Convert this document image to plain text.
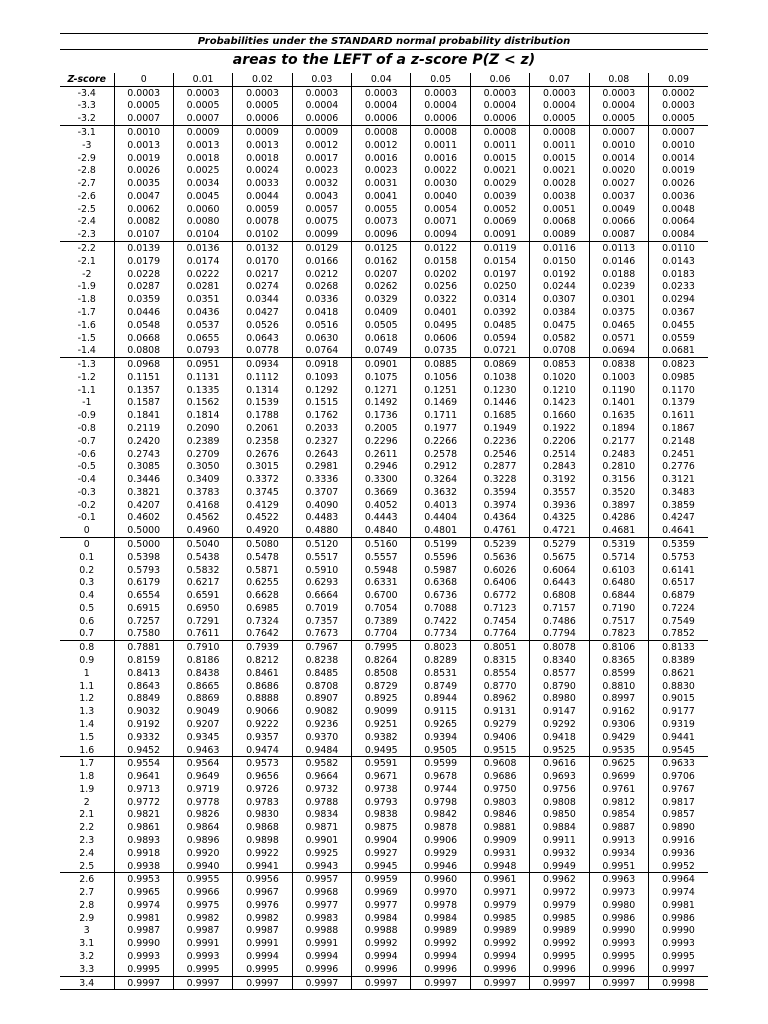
Probabilities under the STANDARD normal probability distribution
areas to the LEFT of a z-score P(Z < z)
Z-score	0	0.01	0.02	0.03	0.04	0.05	0.06	0.07	0.08	0.09
-3.4	0.0003	0.0003	0.0003	0.0003	0.0003	0.0003	0.0003	0.0003	0.0003	0.0002
-3.3	0.0005	0.0005	0.0005	0.0004	0.0004	0.0004	0.0004	0.0004	0.0004	0.0003
-3.2	0.0007	0.0007	0.0006	0.0006	0.0006	0.0006	0.0006	0.0005	0.0005	0.0005
-3.1	0.0010	0.0009	0.0009	0.0009	0.0008	0.0008	0.0008	0.0008	0.0007	0.0007
-3	0.0013	0.0013	0.0013	0.0012	0.0012	0.0011	0.0011	0.0011	0.0010	0.0010
-2.9	0.0019	0.0018	0.0018	0.0017	0.0016	0.0016	0.0015	0.0015	0.0014	0.0014
-2.8	0.0026	0.0025	0.0024	0.0023	0.0023	0.0022	0.0021	0.0021	0.0020	0.0019
-2.7	0.0035	0.0034	0.0033	0.0032	0.0031	0.0030	0.0029	0.0028	0.0027	0.0026
-2.6	0.0047	0.0045	0.0044	0.0043	0.0041	0.0040	0.0039	0.0038	0.0037	0.0036
-2.5	0.0062	0.0060	0.0059	0.0057	0.0055	0.0054	0.0052	0.0051	0.0049	0.0048
-2.4	0.0082	0.0080	0.0078	0.0075	0.0073	0.0071	0.0069	0.0068	0.0066	0.0064
-2.3	0.0107	0.0104	0.0102	0.0099	0.0096	0.0094	0.0091	0.0089	0.0087	0.0084
-2.2	0.0139	0.0136	0.0132	0.0129	0.0125	0.0122	0.0119	0.0116	0.0113	0.0110
-2.1	0.0179	0.0174	0.0170	0.0166	0.0162	0.0158	0.0154	0.0150	0.0146	0.0143
-2	0.0228	0.0222	0.0217	0.0212	0.0207	0.0202	0.0197	0.0192	0.0188	0.0183
-1.9	0.0287	0.0281	0.0274	0.0268	0.0262	0.0256	0.0250	0.0244	0.0239	0.0233
-1.8	0.0359	0.0351	0.0344	0.0336	0.0329	0.0322	0.0314	0.0307	0.0301	0.0294
-1.7	0.0446	0.0436	0.0427	0.0418	0.0409	0.0401	0.0392	0.0384	0.0375	0.0367
-1.6	0.0548	0.0537	0.0526	0.0516	0.0505	0.0495	0.0485	0.0475	0.0465	0.0455
-1.5	0.0668	0.0655	0.0643	0.0630	0.0618	0.0606	0.0594	0.0582	0.0571	0.0559
-1.4	0.0808	0.0793	0.0778	0.0764	0.0749	0.0735	0.0721	0.0708	0.0694	0.0681
-1.3	0.0968	0.0951	0.0934	0.0918	0.0901	0.0885	0.0869	0.0853	0.0838	0.0823
-1.2	0.1151	0.1131	0.1112	0.1093	0.1075	0.1056	0.1038	0.1020	0.1003	0.0985
-1.1	0.1357	0.1335	0.1314	0.1292	0.1271	0.1251	0.1230	0.1210	0.1190	0.1170
-1	0.1587	0.1562	0.1539	0.1515	0.1492	0.1469	0.1446	0.1423	0.1401	0.1379
-0.9	0.1841	0.1814	0.1788	0.1762	0.1736	0.1711	0.1685	0.1660	0.1635	0.1611
-0.8	0.2119	0.2090	0.2061	0.2033	0.2005	0.1977	0.1949	0.1922	0.1894	0.1867
-0.7	0.2420	0.2389	0.2358	0.2327	0.2296	0.2266	0.2236	0.2206	0.2177	0.2148
-0.6	0.2743	0.2709	0.2676	0.2643	0.2611	0.2578	0.2546	0.2514	0.2483	0.2451
-0.5	0.3085	0.3050	0.3015	0.2981	0.2946	0.2912	0.2877	0.2843	0.2810	0.2776
-0.4	0.3446	0.3409	0.3372	0.3336	0.3300	0.3264	0.3228	0.3192	0.3156	0.3121
-0.3	0.3821	0.3783	0.3745	0.3707	0.3669	0.3632	0.3594	0.3557	0.3520	0.3483
-0.2	0.4207	0.4168	0.4129	0.4090	0.4052	0.4013	0.3974	0.3936	0.3897	0.3859
-0.1	0.4602	0.4562	0.4522	0.4483	0.4443	0.4404	0.4364	0.4325	0.4286	0.4247
0	0.5000	0.4960	0.4920	0.4880	0.4840	0.4801	0.4761	0.4721	0.4681	0.4641
0	0.5000	0.5040	0.5080	0.5120	0.5160	0.5199	0.5239	0.5279	0.5319	0.5359
0.1	0.5398	0.5438	0.5478	0.5517	0.5557	0.5596	0.5636	0.5675	0.5714	0.5753
0.2	0.5793	0.5832	0.5871	0.5910	0.5948	0.5987	0.6026	0.6064	0.6103	0.6141
0.3	0.6179	0.6217	0.6255	0.6293	0.6331	0.6368	0.6406	0.6443	0.6480	0.6517
0.4	0.6554	0.6591	0.6628	0.6664	0.6700	0.6736	0.6772	0.6808	0.6844	0.6879
0.5	0.6915	0.6950	0.6985	0.7019	0.7054	0.7088	0.7123	0.7157	0.7190	0.7224
0.6	0.7257	0.7291	0.7324	0.7357	0.7389	0.7422	0.7454	0.7486	0.7517	0.7549
0.7	0.7580	0.7611	0.7642	0.7673	0.7704	0.7734	0.7764	0.7794	0.7823	0.7852
0.8	0.7881	0.7910	0.7939	0.7967	0.7995	0.8023	0.8051	0.8078	0.8106	0.8133
0.9	0.8159	0.8186	0.8212	0.8238	0.8264	0.8289	0.8315	0.8340	0.8365	0.8389
1	0.8413	0.8438	0.8461	0.8485	0.8508	0.8531	0.8554	0.8577	0.8599	0.8621
1.1	0.8643	0.8665	0.8686	0.8708	0.8729	0.8749	0.8770	0.8790	0.8810	0.8830
1.2	0.8849	0.8869	0.8888	0.8907	0.8925	0.8944	0.8962	0.8980	0.8997	0.9015
1.3	0.9032	0.9049	0.9066	0.9082	0.9099	0.9115	0.9131	0.9147	0.9162	0.9177
1.4	0.9192	0.9207	0.9222	0.9236	0.9251	0.9265	0.9279	0.9292	0.9306	0.9319
1.5	0.9332	0.9345	0.9357	0.9370	0.9382	0.9394	0.9406	0.9418	0.9429	0.9441
1.6	0.9452	0.9463	0.9474	0.9484	0.9495	0.9505	0.9515	0.9525	0.9535	0.9545
1.7	0.9554	0.9564	0.9573	0.9582	0.9591	0.9599	0.9608	0.9616	0.9625	0.9633
1.8	0.9641	0.9649	0.9656	0.9664	0.9671	0.9678	0.9686	0.9693	0.9699	0.9706
1.9	0.9713	0.9719	0.9726	0.9732	0.9738	0.9744	0.9750	0.9756	0.9761	0.9767
2	0.9772	0.9778	0.9783	0.9788	0.9793	0.9798	0.9803	0.9808	0.9812	0.9817
2.1	0.9821	0.9826	0.9830	0.9834	0.9838	0.9842	0.9846	0.9850	0.9854	0.9857
2.2	0.9861	0.9864	0.9868	0.9871	0.9875	0.9878	0.9881	0.9884	0.9887	0.9890
2.3	0.9893	0.9896	0.9898	0.9901	0.9904	0.9906	0.9909	0.9911	0.9913	0.9916
2.4	0.9918	0.9920	0.9922	0.9925	0.9927	0.9929	0.9931	0.9932	0.9934	0.9936
2.5	0.9938	0.9940	0.9941	0.9943	0.9945	0.9946	0.9948	0.9949	0.9951	0.9952
2.6	0.9953	0.9955	0.9956	0.9957	0.9959	0.9960	0.9961	0.9962	0.9963	0.9964
2.7	0.9965	0.9966	0.9967	0.9968	0.9969	0.9970	0.9971	0.9972	0.9973	0.9974
2.8	0.9974	0.9975	0.9976	0.9977	0.9977	0.9978	0.9979	0.9979	0.9980	0.9981
2.9	0.9981	0.9982	0.9982	0.9983	0.9984	0.9984	0.9985	0.9985	0.9986	0.9986
3	0.9987	0.9987	0.9987	0.9988	0.9988	0.9989	0.9989	0.9989	0.9990	0.9990
3.1	0.9990	0.9991	0.9991	0.9991	0.9992	0.9992	0.9992	0.9992	0.9993	0.9993
3.2	0.9993	0.9993	0.9994	0.9994	0.9994	0.9994	0.9994	0.9995	0.9995	0.9995
3.3	0.9995	0.9995	0.9995	0.9996	0.9996	0.9996	0.9996	0.9996	0.9996	0.9997
3.4	0.9997	0.9997	0.9997	0.9997	0.9997	0.9997	0.9997	0.9997	0.9997	0.9998
